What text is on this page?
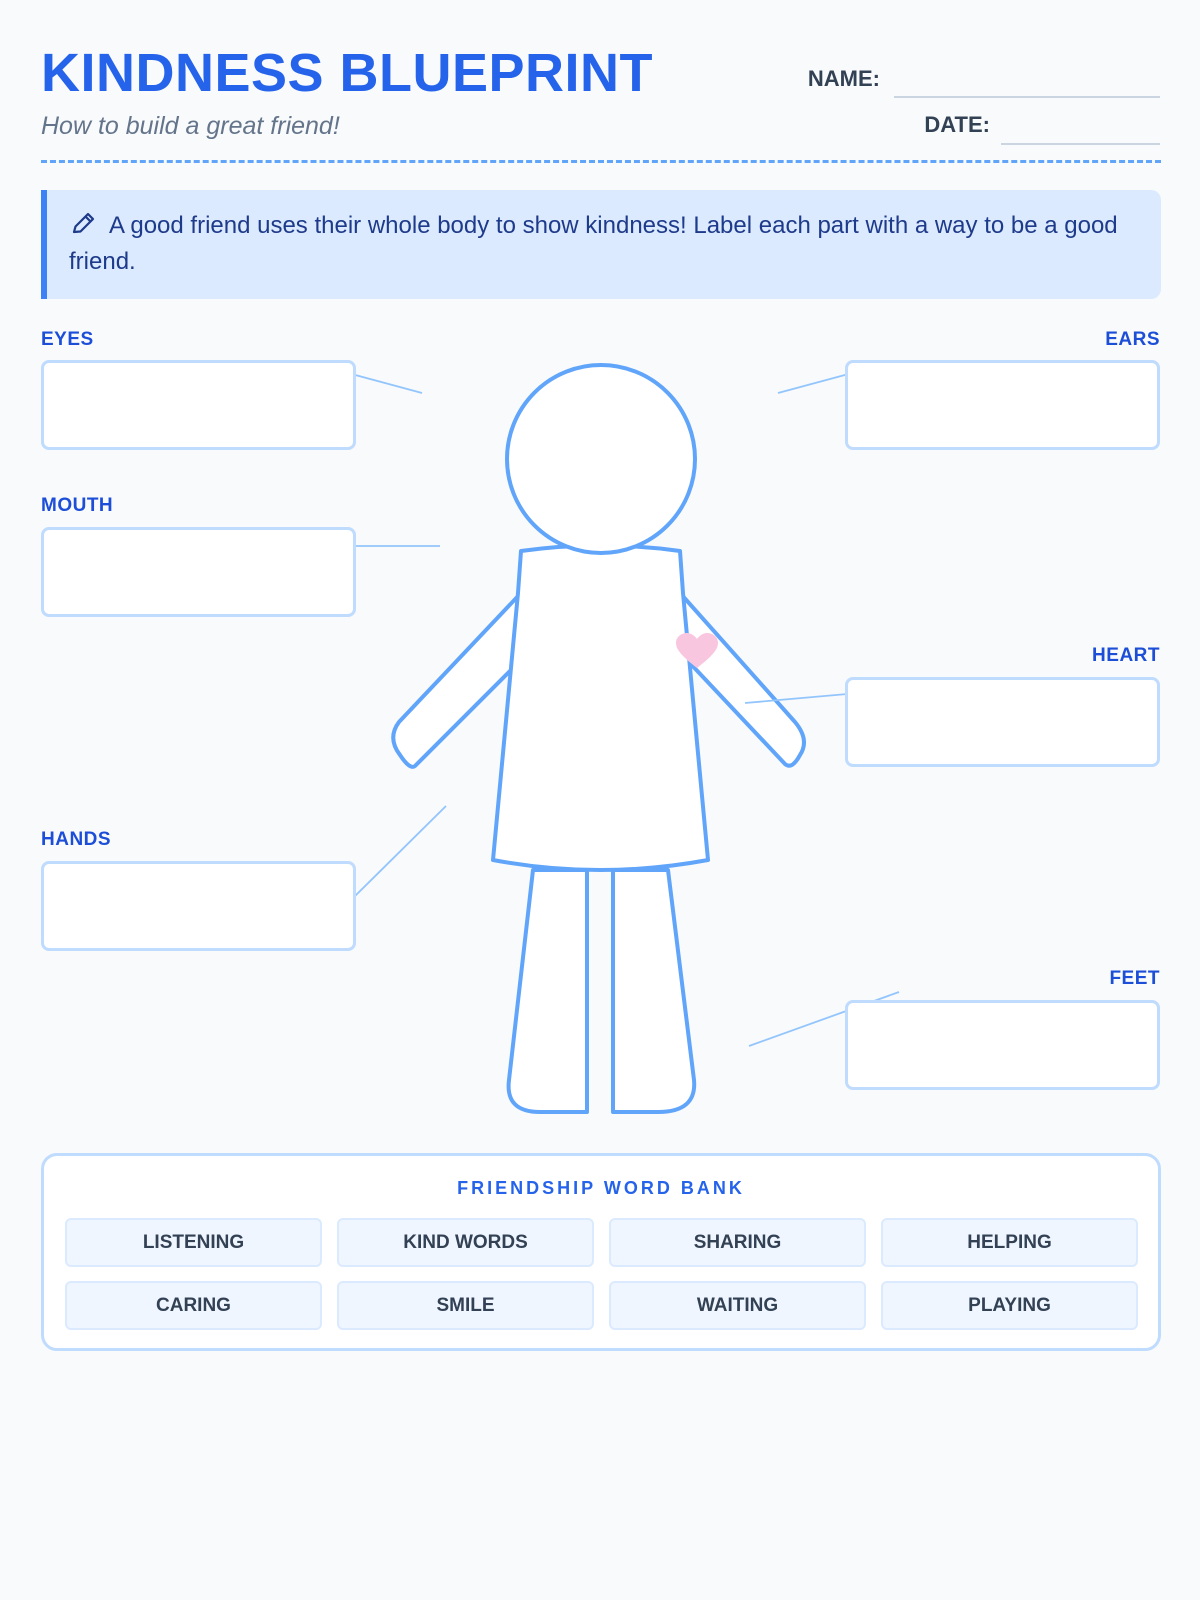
KINDNESS BLUEPRINT
How to build a great friend!
NAME:
DATE:
A good friend uses their whole body to show kindness! Label each part with a way to be a good friend.
EYES	EARS
MOUTH
HEART
HANDS
FEET
FRIENDSHIP WORD BANK
LISTENING	KIND WORDS	SHARING	HELPING
CARING	SMILE	WAITING	PLAYING
